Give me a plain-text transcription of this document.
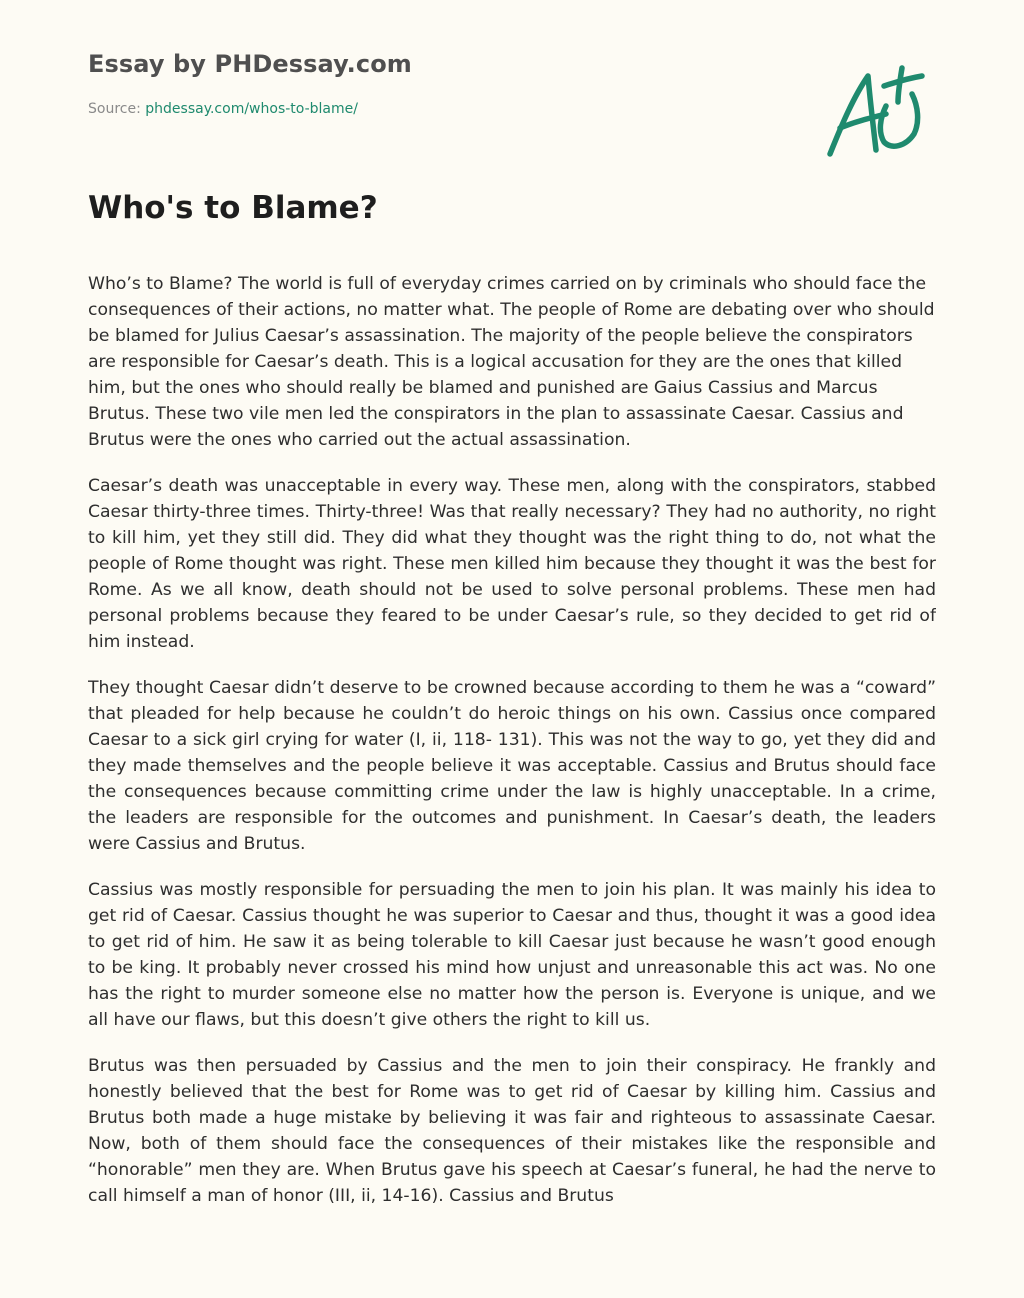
Essay by PHDessay.com
Source: phdessay.com/whos-to-blame/
Who's to Blame?

Who’s to Blame? The world is full of everyday crimes carried on by criminals who should face the consequences of their actions, no matter what. The people of Rome are debating over who should be blamed for Julius Caesar’s assassination. The majority of the people believe the conspirators are responsible for Caesar’s death. This is a logical accusation for they are the ones that killed him, but the ones who should really be blamed and punished are Gaius Cassius and Marcus Brutus. These two vile men led the conspirators in the plan to assassinate Caesar. Cassius and Brutus were the ones who carried out the actual assassination.

Caesar’s death was unacceptable in every way. These men, along with the conspirators, stabbed Caesar thirty-three times. Thirty-three! Was that really necessary? They had no authority, no right to kill him, yet they still did. They did what they thought was the right thing to do, not what the people of Rome thought was right. These men killed him because they thought it was the best for Rome. As we all know, death should not be used to solve personal problems. These men had personal problems because they feared to be under Caesar’s rule, so they decided to get rid of him instead.

They thought Caesar didn’t deserve to be crowned because according to them he was a “coward” that pleaded for help because he couldn’t do heroic things on his own. Cassius once compared Caesar to a sick girl crying for water (I, ii, 118- 131). This was not the way to go, yet they did and they made themselves and the people believe it was acceptable. Cassius and Brutus should face the consequences because committing crime under the law is highly unacceptable. In a crime, the leaders are responsible for the outcomes and punishment. In Caesar’s death, the leaders were Cassius and Brutus.

Cassius was mostly responsible for persuading the men to join his plan. It was mainly his idea to get rid of Caesar. Cassius thought he was superior to Caesar and thus, thought it was a good idea to get rid of him. He saw it as being tolerable to kill Caesar just because he wasn’t good enough to be king. It probably never crossed his mind how unjust and unreasonable this act was. No one has the right to murder someone else no matter how the person is. Everyone is unique, and we all have our flaws, but this doesn’t give others the right to kill us.

Brutus was then persuaded by Cassius and the men to join their conspiracy. He frankly and honestly believed that the best for Rome was to get rid of Caesar by killing him. Cassius and Brutus both made a huge mistake by believing it was fair and righteous to assassinate Caesar. Now, both of them should face the consequences of their mistakes like the responsible and “honorable” men they are. When Brutus gave his speech at Caesar’s funeral, he had the nerve to call himself a man of honor (III, ii, 14-16). Cassius and Brutus
